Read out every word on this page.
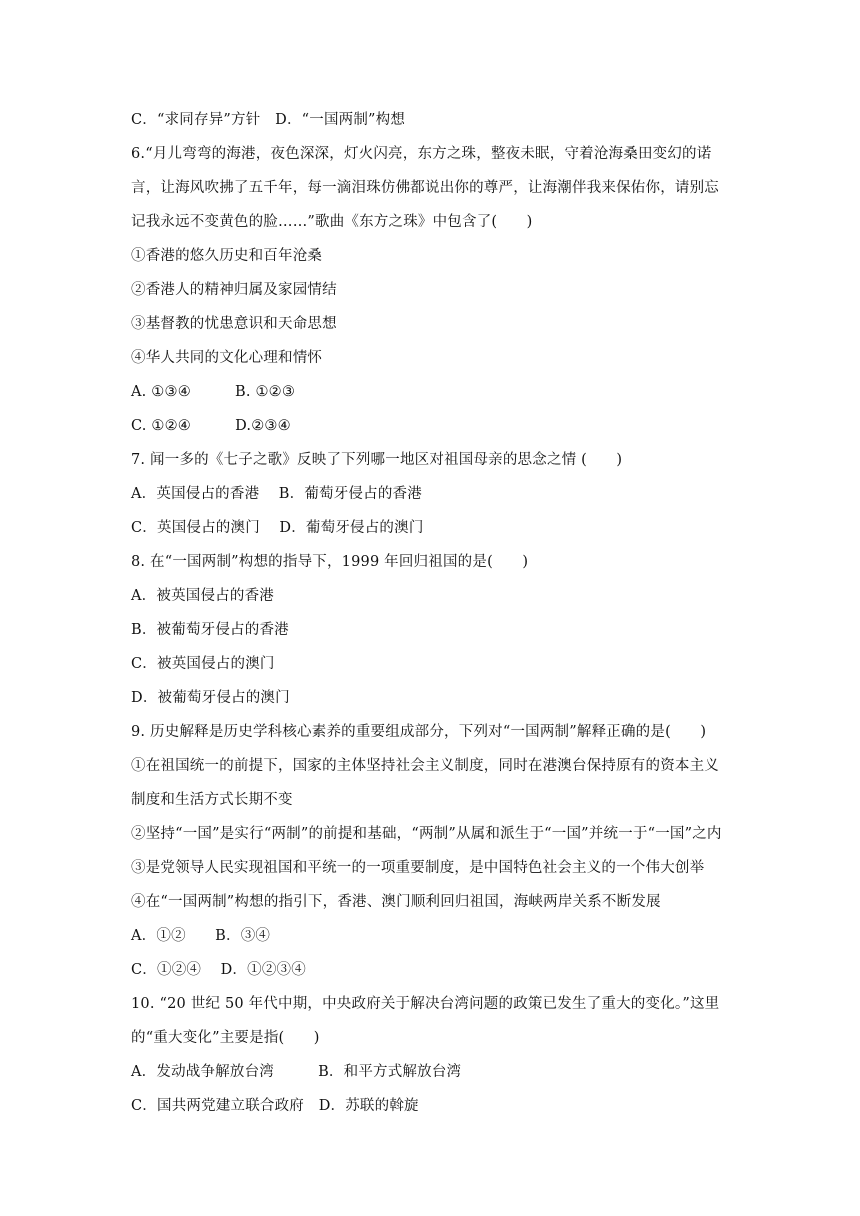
C．“求同存异”方针　D．“一国两制”构想
6.“月儿弯弯的海港，夜色深深，灯火闪亮，东方之珠，整夜未眠，守着沧海桑田变幻的诺
言，让海风吹拂了五千年，每一滴泪珠仿佛都说出你的尊严，让海潮伴我来保佑你，请别忘
记我永远不变黄色的脸……”歌曲《东方之珠》中包含了(　　)
①香港的悠久历史和百年沧桑
②香港人的精神归属及家园情结
③基督教的忧患意识和天命思想
④华人共同的文化心理和情怀
A. ①③④　　　B. ①②③
C. ①②④　　　D.②③④
7. 闻一多的《七子之歌》反映了下列哪一地区对祖国母亲的思念之情 (　　)
A．英国侵占的香港　 B．葡萄牙侵占的香港
C．英国侵占的澳门　 D．葡萄牙侵占的澳门
8. 在“一国两制”构想的指导下，1999 年回归祖国的是(　　)
A．被英国侵占的香港
B．被葡萄牙侵占的香港
C．被英国侵占的澳门
D．被葡萄牙侵占的澳门
9. 历史解释是历史学科核心素养的重要组成部分，下列对“一国两制”解释正确的是(　　)
①在祖国统一的前提下，国家的主体坚持社会主义制度，同时在港澳台保持原有的资本主义
制度和生活方式长期不变
②坚持“一国”是实行“两制”的前提和基础，“两制”从属和派生于“一国”并统一于“一国”之内
③是党领导人民实现祖国和平统一的一项重要制度，是中国特色社会主义的一个伟大创举
④在“一国两制”构想的指引下，香港、澳门顺利回归祖国，海峡两岸关系不断发展
A．①②　　B．③④
C．①②④　 D．①②③④
10. “20 世纪 50 年代中期，中央政府关于解决台湾问题的政策已发生了重大的变化。”这里
的“重大变化”主要是指(　　)
A．发动战争解放台湾　　　B．和平方式解放台湾
C．国共两党建立联合政府　D．苏联的斡旋
